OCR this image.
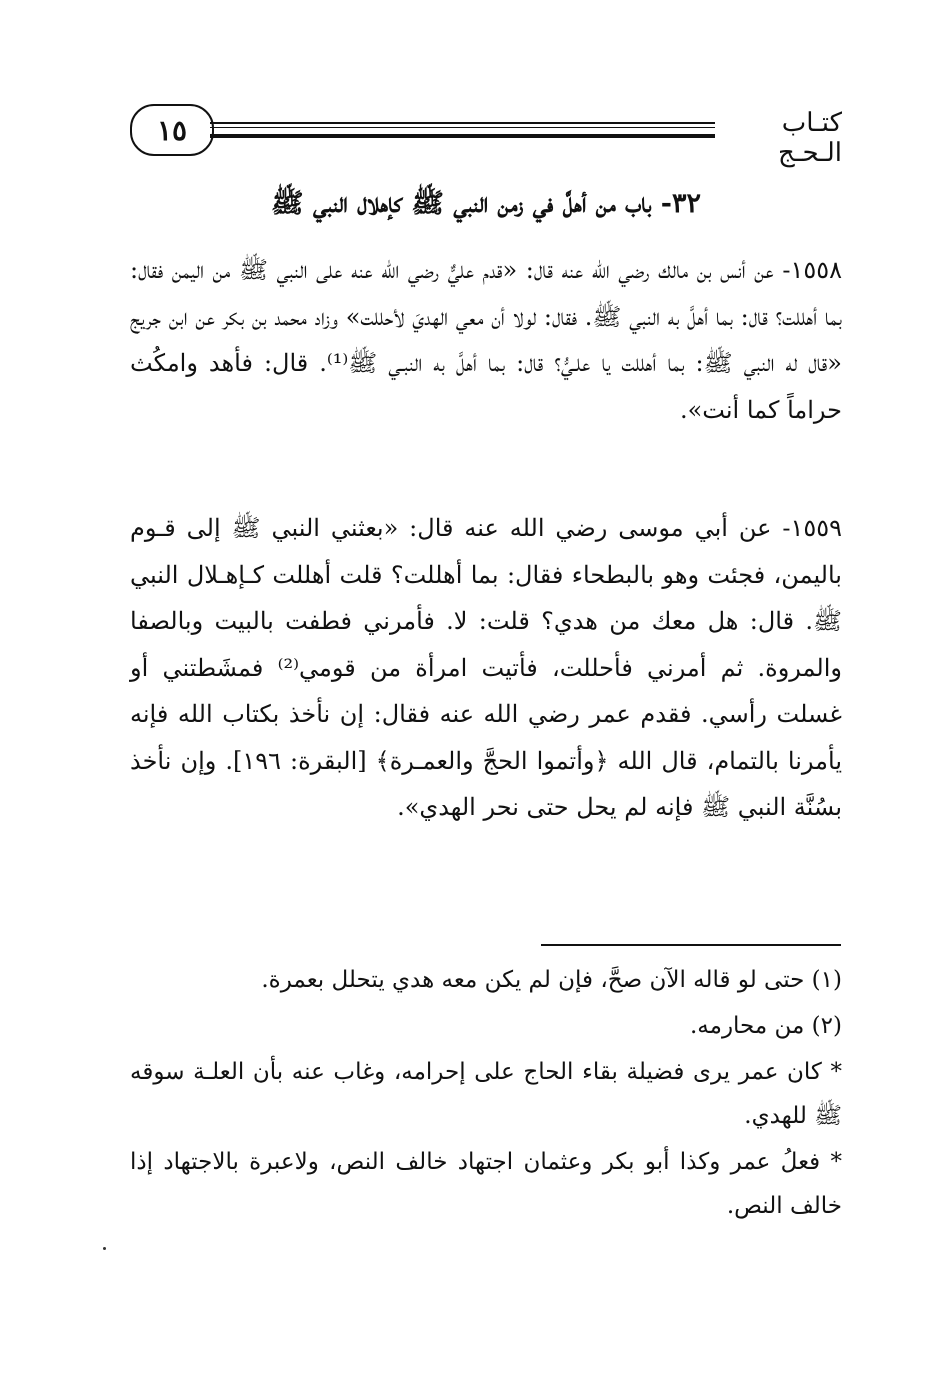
١٥	كتـاب الـحـج
٣٢- باب من أهلَّ في زمن النبي ﷺ كإهلال النبي ﷺ
١٥٥٨- عن أنس بن مالك رضي الله عنه قال: «قدم عليٌّ رضي الله عنه على النبي ﷺ من اليمن فقال: بما أهللت؟ قال: بما أهلَّ به النبي ﷺ. فقال: لولا أن معي الهديَ لأحللت» وزاد محمد بن بكر عن ابن جريج «قال له النبي ﷺ: بما أهللت يا علـيُّ؟ قال: بما أهلَّ به النبـي ﷺ⁽¹⁾. قال: فأهد وامكُث حراماً كما أنت».
١٥٥٩- عن أبي موسى رضي الله عنه قال: «بعثني النبي ﷺ إلى قـوم باليمن، فجئت وهو بالبطحاء فقال: بما أهللت؟ قلت أهللت كـإهـلال النبي ﷺ. قال: هل معك من هدي؟ قلت: لا. فأمرني فطفت بالبيت وبالصفا والمروة. ثم أمرني فأحللت، فأتيت امرأة من قومي⁽²⁾ فمشَطتني أو غسلت رأسي. فقدم عمر رضي الله عنه فقال: إن نأخذ بكتاب الله فإنه يأمرنا بالتمام، قال الله ﴿وأتموا الحجَّ والعمـرة﴾ [البقرة: ١٩٦]. وإن نأخذ بسُنَّة النبي ﷺ فإنه لم يحل حتى نحر الهدي».
(١) حتى لو قاله الآن صحَّ، فإن لم يكن معه هدي يتحلل بعمرة.
(٢) من محارمه.
* كان عمر يرى فضيلة بقاء الحاج على إحرامه، وغاب عنه بأن العلـة سوقه ﷺ للهدي.
* فعلُ عمر وكذا أبو بكر وعثمان اجتهاد خالف النص، ولاعبرة بالاجتهاد إذا خالف النص.
